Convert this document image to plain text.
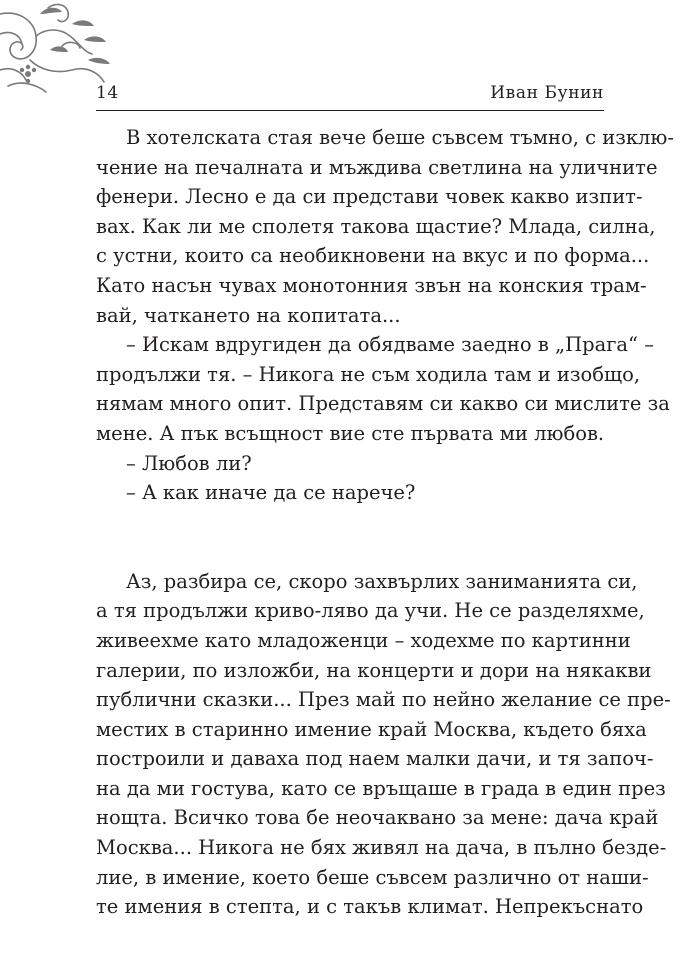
14	Иван Бунин
В хотелската стая вече беше съвсем тъмно, с изклю-
чение на печалната и мъждива светлина на уличните
фенери. Лесно е да си представи човек какво изпит-
вах. Как ли ме сполетя такова щастие? Млада, силна,
с устни, които са необикновени на вкус и по форма...
Като насън чувах монотонния звън на конския трам-
вай, чаткането на копитата...
– Искам вдругиден да обядваме заедно в „Прага“ –
продължи тя. – Никога не съм ходила там и изобщо,
нямам много опит. Представям си какво си мислите за
мене. А пък всъщност вие сте първата ми любов.
– Любов ли?
– А как иначе да се нарече?
Аз, разбира се, скоро захвърлих заниманията си,
а тя продължи криво-ляво да учи. Не се разделяхме,
живеехме като младоженци – ходехме по картинни
галерии, по изложби, на концерти и дори на някакви
публични сказки... През май по нейно желание се пре-
местих в старинно имение край Москва, където бяха
построили и даваха под наем малки дачи, и тя започ-
на да ми гостува, като се връщаше в града в един през
нощта. Всичко това бе неочаквано за мене: дача край
Москва... Никога не бях живял на дача, в пълно безде-
лие, в имение, което беше съвсем различно от наши-
те имения в степта, и с такъв климат. Непрекъснато
